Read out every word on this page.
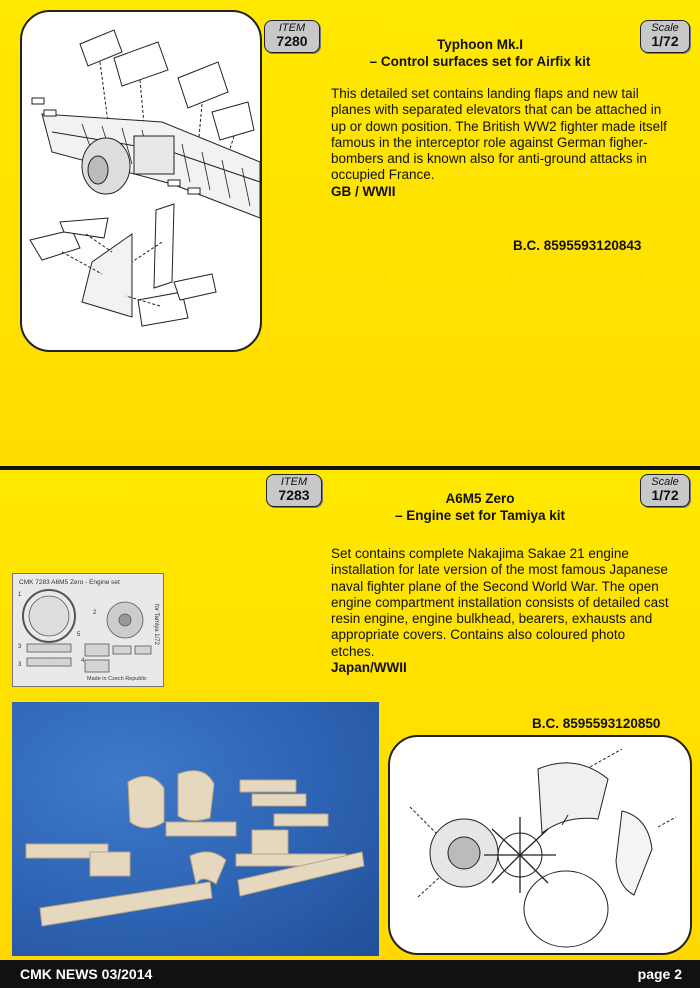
ITEM
7280
Scale
1/72
Typhoon Mk.I
– Control surfaces set for Airfix kit
This detailed set contains landing flaps and new tail planes with separated elevators that can be attached in up or down position. The British WW2 fighter made itself famous in the interceptor role against German figher-bombers and is known also for anti-ground attacks in occupied France.
GB / WWII
B.C. 8595593120843
ITEM
7283
Scale
1/72
A6M5 Zero
– Engine set for Tamiya kit
Set contains complete Nakajima Sakae 21 engine installation for late version of the most famous Japanese naval fighter plane of the Second World War. The open engine compartment installation consists of detailed cast resin engine, engine bulkhead, bearers, exhausts and appropriate covers. Contains also coloured photo etches.
Japan/WWII
CMK 7283 A6M5 Zero - Engine set
for Tamiya 1/72
Made in Czech Republic
1
2
3
5
3
4
B.C. 8595593120850
CMK NEWS 03/2014	page 2
